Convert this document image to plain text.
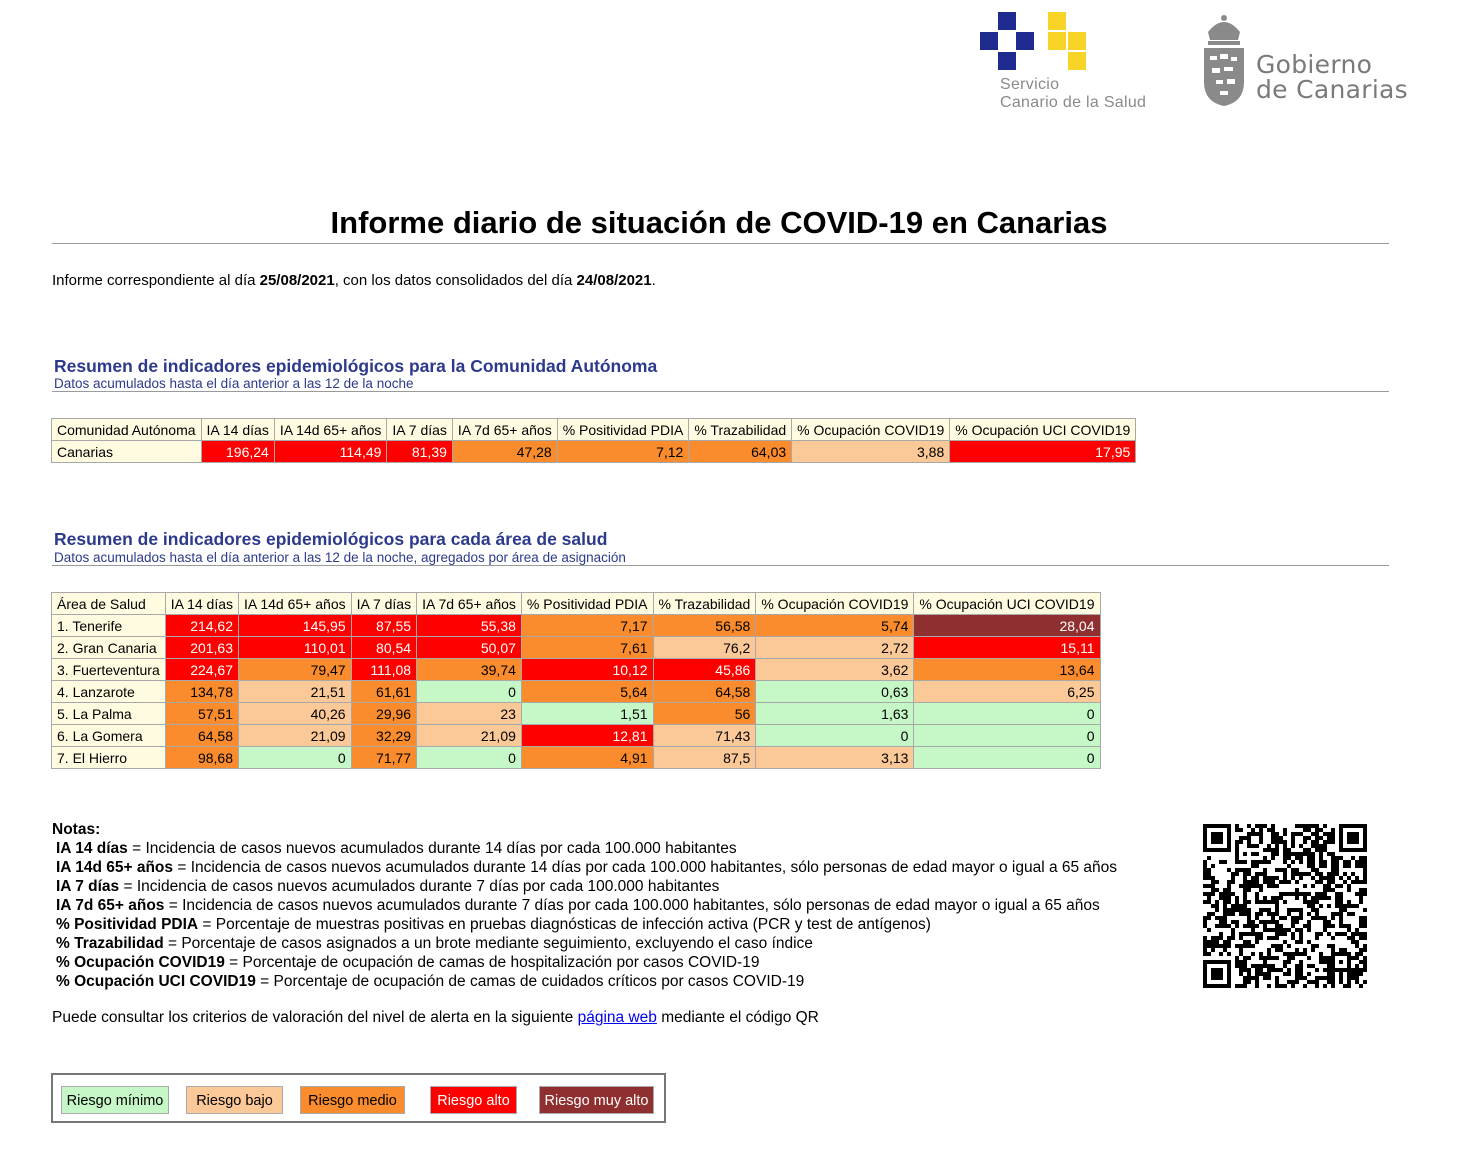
Servicio
Canario de la Salud
Gobierno
de Canarias
Informe diario de situación de COVID-19 en Canarias
Informe correspondiente al día 25/08/2021, con los datos consolidados del día 24/08/2021.
Resumen de indicadores epidemiológicos para la Comunidad Autónoma
Datos acumulados hasta el día anterior a las 12 de la noche
Comunidad Autónoma	IA 14 días	IA 14d 65+ años	IA 7 días	IA 7d 65+ años	% Positividad PDIA	% Trazabilidad	% Ocupación COVID19	% Ocupación UCI COVID19
Canarias	196,24	114,49	81,39	47,28	7,12	64,03	3,88	17,95
Resumen de indicadores epidemiológicos para cada área de salud
Datos acumulados hasta el día anterior a las 12 de la noche, agregados por área de asignación
Área de Salud	IA 14 días	IA 14d 65+ años	IA 7 días	IA 7d 65+ años	% Positividad PDIA	% Trazabilidad	% Ocupación COVID19	% Ocupación UCI COVID19
1. Tenerife	214,62	145,95	87,55	55,38	7,17	56,58	5,74	28,04
2. Gran Canaria	201,63	110,01	80,54	50,07	7,61	76,2	2,72	15,11
3. Fuerteventura	224,67	79,47	111,08	39,74	10,12	45,86	3,62	13,64
4. Lanzarote	134,78	21,51	61,61	0	5,64	64,58	0,63	6,25
5. La Palma	57,51	40,26	29,96	23	1,51	56	1,63	0
6. La Gomera	64,58	21,09	32,29	21,09	12,81	71,43	0	0
7. El Hierro	98,68	0	71,77	0	4,91	87,5	3,13	0
Notas:
IA 14 días = Incidencia de casos nuevos acumulados durante 14 días por cada 100.000 habitantes
IA 14d 65+ años = Incidencia de casos nuevos acumulados durante 14 días por cada 100.000 habitantes, sólo personas de edad mayor o igual a 65 años
IA 7 días = Incidencia de casos nuevos acumulados durante 7 días por cada 100.000 habitantes
IA 7d 65+ años = Incidencia de casos nuevos acumulados durante 7 días por cada 100.000 habitantes, sólo personas de edad mayor o igual a 65 años
% Positividad PDIA = Porcentaje de muestras positivas en pruebas diagnósticas de infección activa (PCR y test de antígenos)
% Trazabilidad = Porcentaje de casos asignados a un brote mediante seguimiento, excluyendo el caso índice
% Ocupación COVID19 = Porcentaje de ocupación de camas de hospitalización por casos COVID-19
% Ocupación UCI COVID19 = Porcentaje de ocupación de camas de cuidados críticos por casos COVID-19
Puede consultar los criterios de valoración del nivel de alerta en la siguiente página web mediante el código QR
Riesgo mínimo	Riesgo bajo	Riesgo medio	Riesgo alto	Riesgo muy alto
